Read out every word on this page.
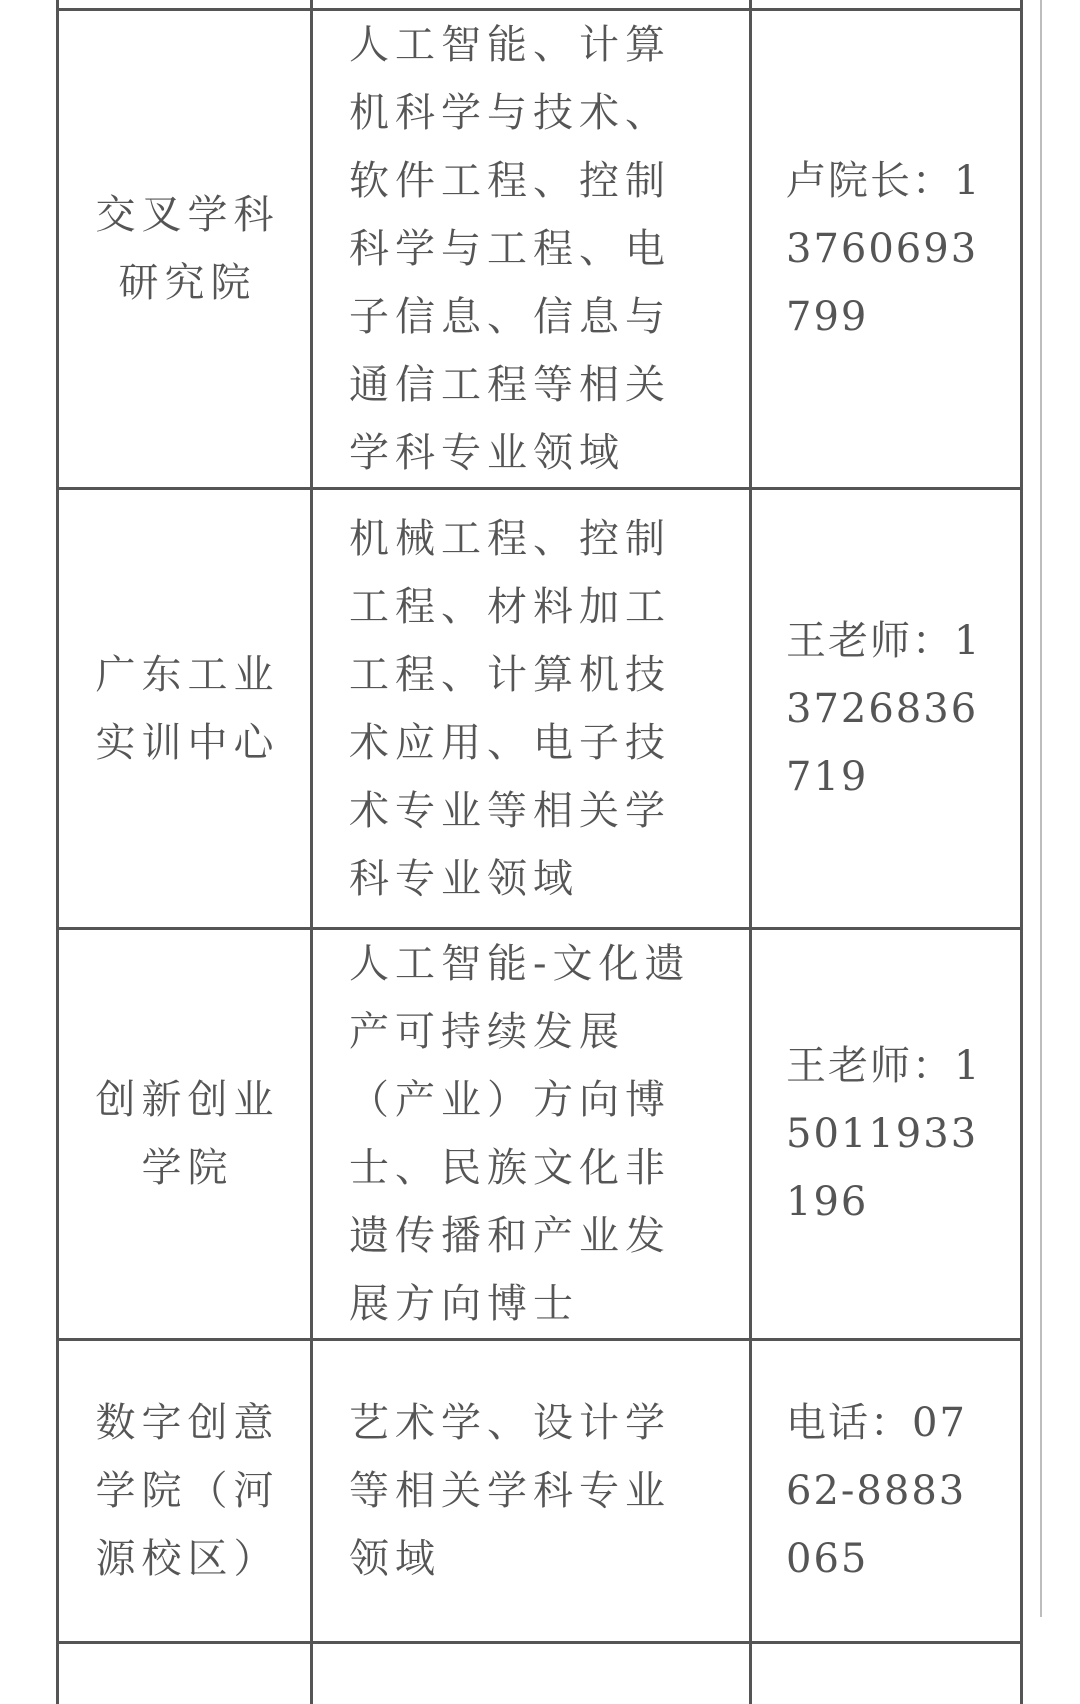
交叉学科研究院	人工智能、计算机科学与技术、软件工程、控制科学与工程、电子信息、信息与通信工程等相关学科专业领域	卢院长：13760693799
广东工业实训中心	机械工程、控制工程、材料加工工程、计算机技术应用、电子技术专业等相关学科专业领域	王老师：13726836719
创新创业学院	人工智能-文化遗产可持续发展（产业）方向博士、民族文化非遗传播和产业发展方向博士	王老师：15011933196
数字创意学院（河源校区）	艺术学、设计学等相关学科专业领域	电话：0762-8883065
